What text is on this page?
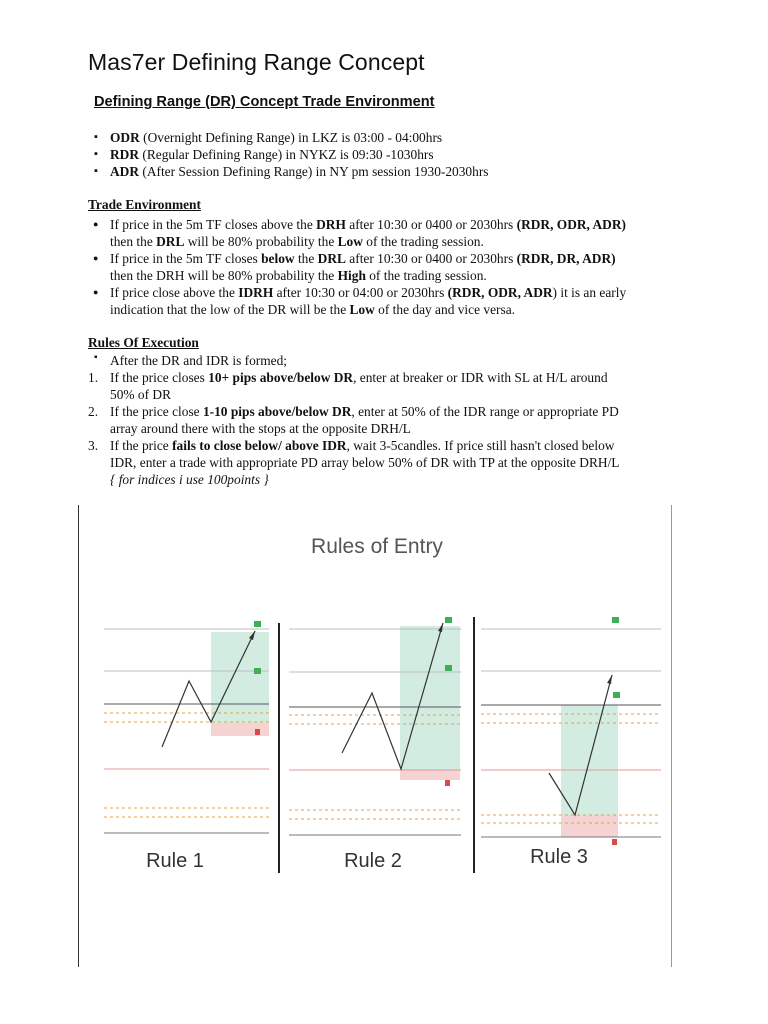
Mas7er Defining Range Concept
Defining Range (DR) Concept Trade Environment
▪ ODR (Overnight Defining Range) in LKZ is 03:00 - 04:00hrs
▪ RDR (Regular Defining Range) in NYKZ is 09:30 -1030hrs
▪ ADR (After Session Defining Range) in NY pm session 1930-2030hrs
Trade Environment
● If price in the 5m TF closes above the DRH after 10:30 or 0400 or 2030hrs (RDR, ODR, ADR)
then the DRL will be 80% probability the Low of the trading session.
● If price in the 5m TF closes below the DRL after 10:30 or 0400 or 2030hrs (RDR, DR, ADR)
then the DRH will be 80% probability the High of the trading session.
● If price close above the IDRH after 10:30 or 04:00 or 2030hrs (RDR, ODR, ADR) it is an early
indication that the low of the DR will be the Low of the day and vice versa.
Rules Of Execution
▪ After the DR and IDR is formed;
1. If the price closes 10+ pips above/below DR, enter at breaker or IDR with SL at H/L around
50% of DR
2. If the price close 1-10 pips above/below DR, enter at 50% of the IDR range or appropriate PD
array around there with the stops at the opposite DRH/L
3. If the price fails to close below/ above IDR, wait 3-5candles. If price still hasn't closed below
IDR, enter a trade with appropriate PD array below 50% of DR with TP at the opposite DRH/L
{ for indices i use 100points }
Rules of Entry
Rule 1	Rule 2	Rule 3
